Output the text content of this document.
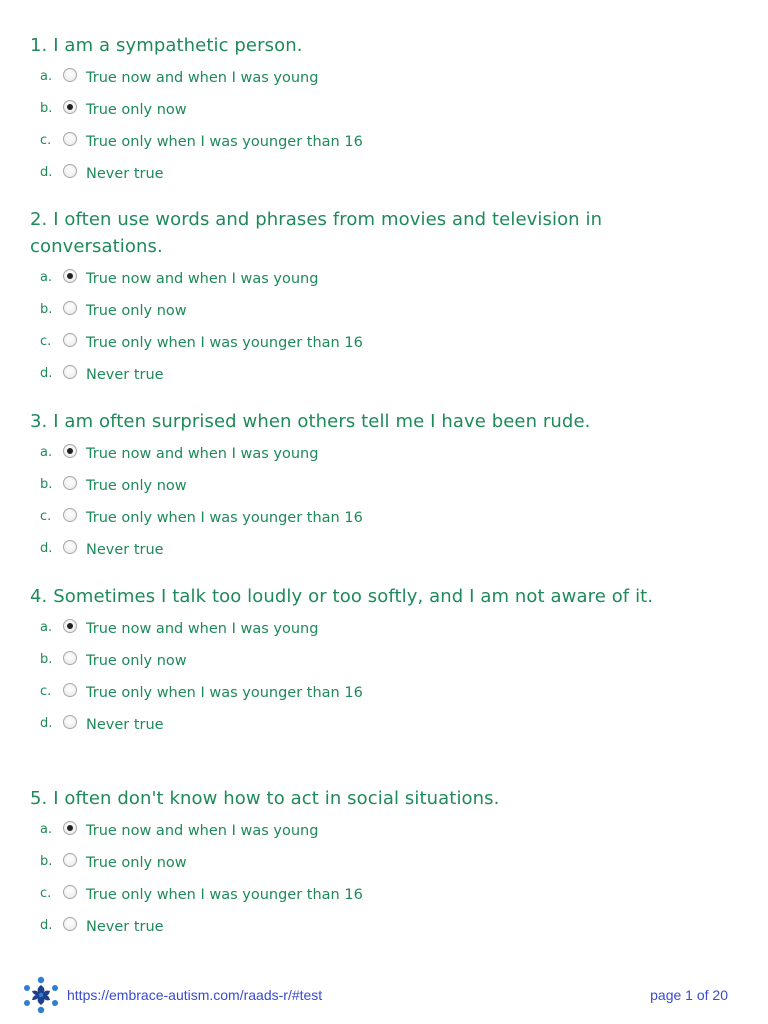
1. I am a sympathetic person.

a. True now and when I was young
b. True only now
c. True only when I was younger than 16
d. Never true

2. I often use words and phrases from movies and television in conversations.

a. True now and when I was young
b. True only now
c. True only when I was younger than 16
d. Never true

3. I am often surprised when others tell me I have been rude.

a. True now and when I was young
b. True only now
c. True only when I was younger than 16
d. Never true

4. Sometimes I talk too loudly or too softly, and I am not aware of it.

a. True now and when I was young
b. True only now
c. True only when I was younger than 16
d. Never true

5. I often don't know how to act in social situations.

a. True now and when I was young
b. True only now
c. True only when I was younger than 16
d. Never true
https://embrace-autism.com/raads-r/#test	page 1 of 20
